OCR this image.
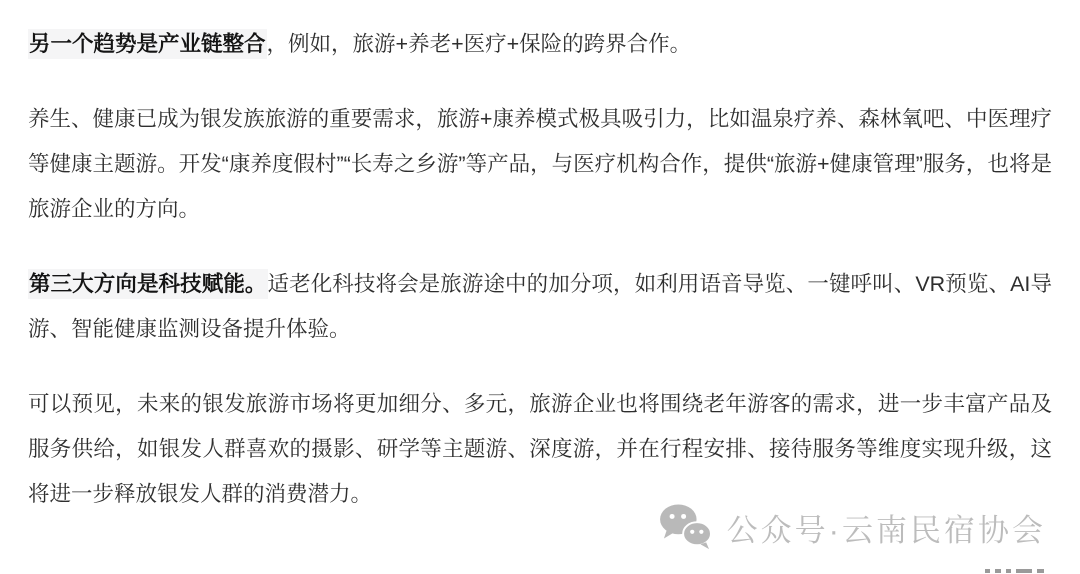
另一个趋势是产业链整合，例如，旅游+养老+医疗+保险的跨界合作。

养生、健康已成为银发族旅游的重要需求，旅游+康养模式极具吸引力，比如温泉疗养、森林氧吧、中医理疗等健康主题游。开发“康养度假村”“长寿之乡游”等产品，与医疗机构合作，提供“旅游+健康管理”服务，也将是旅游企业的方向。

第三大方向是科技赋能。适老化科技将会是旅游途中的加分项，如利用语音导览、一键呼叫、VR预览、AI导游、智能健康监测设备提升体验。

可以预见，未来的银发旅游市场将更加细分、多元，旅游企业也将围绕老年游客的需求，进一步丰富产品及服务供给，如银发人群喜欢的摄影、研学等主题游、深度游，并在行程安排、接待服务等维度实现升级，这将进一步释放银发人群的消费潜力。

公众号·云南民宿协会
